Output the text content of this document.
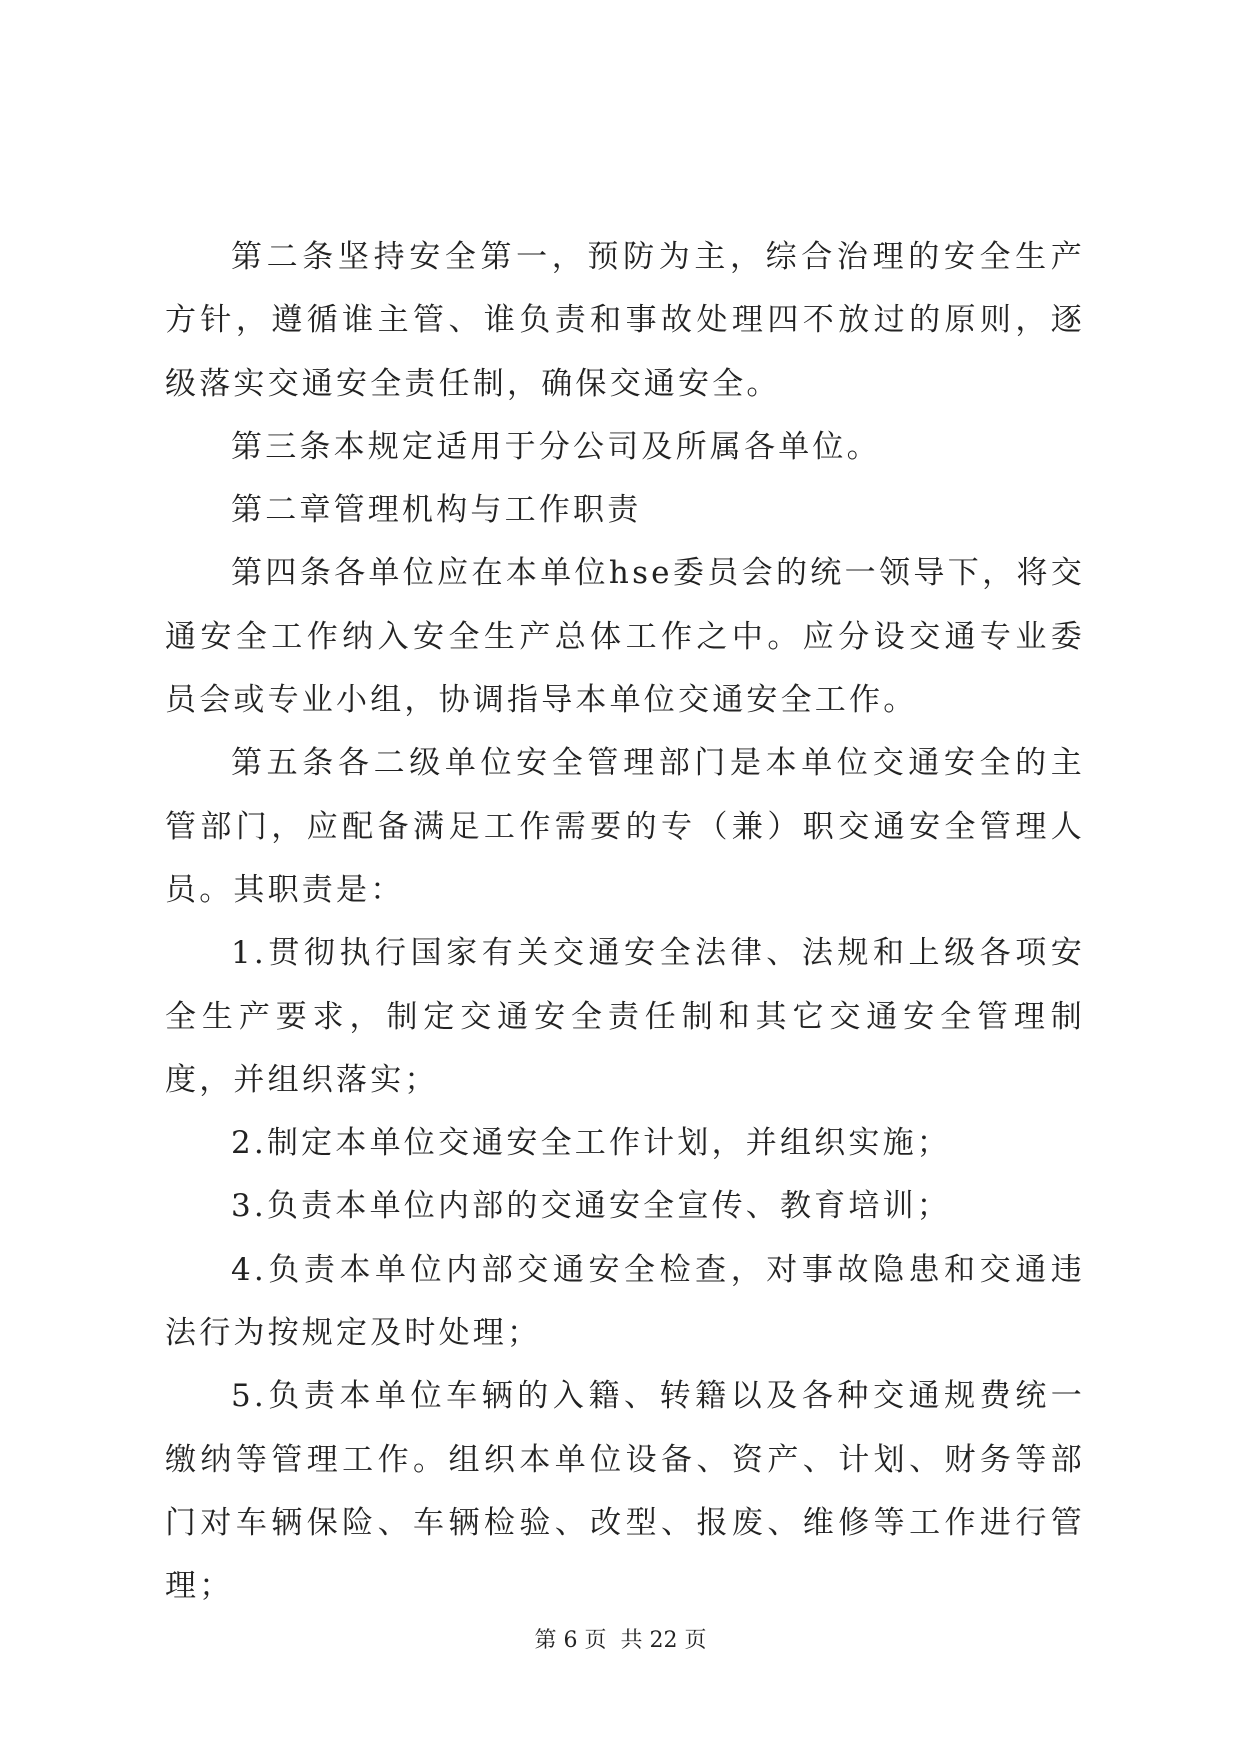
第二条坚持安全第一，预防为主，综合治理的安全生产方针，遵循谁主管、谁负责和事故处理四不放过的原则，逐级落实交通安全责任制，确保交通安全。

第三条本规定适用于分公司及所属各单位。

第二章管理机构与工作职责

第四条各单位应在本单位hse委员会的统一领导下，将交通安全工作纳入安全生产总体工作之中。应分设交通专业委员会或专业小组，协调指导本单位交通安全工作。

第五条各二级单位安全管理部门是本单位交通安全的主管部门，应配备满足工作需要的专（兼）职交通安全管理人员。其职责是：

1.贯彻执行国家有关交通安全法律、法规和上级各项安全生产要求，制定交通安全责任制和其它交通安全管理制度，并组织落实；

2.制定本单位交通安全工作计划，并组织实施；

3.负责本单位内部的交通安全宣传、教育培训；

4.负责本单位内部交通安全检查，对事故隐患和交通违法行为按规定及时处理；

5.负责本单位车辆的入籍、转籍以及各种交通规费统一缴纳等管理工作。组织本单位设备、资产、计划、财务等部门对车辆保险、车辆检验、改型、报废、维修等工作进行管理；

第 6 页  共 22 页
